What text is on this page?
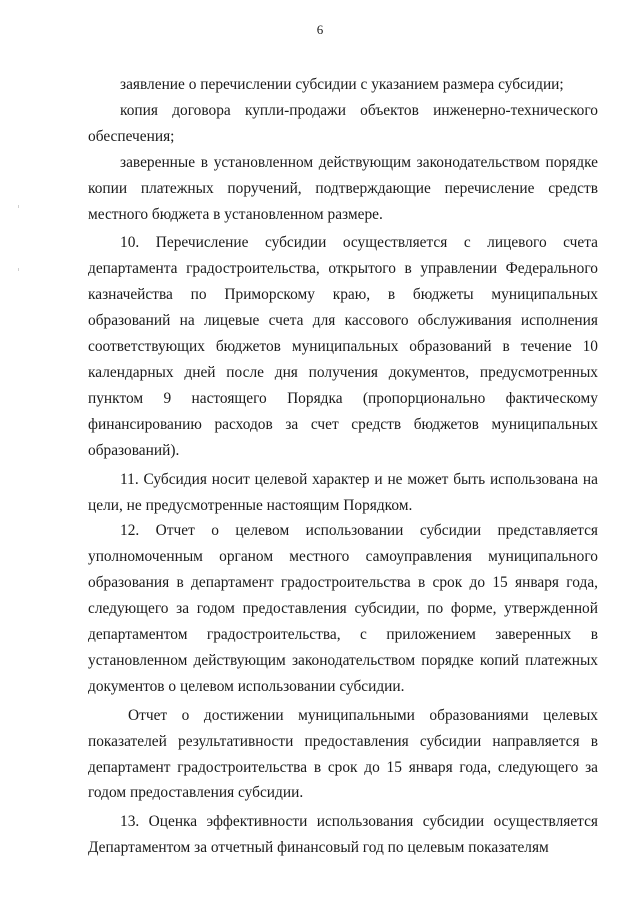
6

заявление о перечислении субсидии с указанием размера субсидии;

копия договора купли-продажи объектов инженерно-технического обеспечения;

заверенные в установленном действующим законодательством порядке копии платежных поручений, подтверждающие перечисление средств местного бюджета в установленном размере.

10. Перечисление субсидии осуществляется с лицевого счета департамента градостроительства, открытого в управлении Федерального казначейства по Приморскому краю, в бюджеты муниципальных образований на лицевые счета для кассового обслуживания исполнения соответствующих бюджетов муниципальных образований в течение 10 календарных дней после дня получения документов, предусмотренных пунктом 9 настоящего Порядка (пропорционально фактическому финансированию расходов за счет средств бюджетов муниципальных образований).

11. Субсидия носит целевой характер и не может быть использована на цели, не предусмотренные настоящим Порядком.

12. Отчет о целевом использовании субсидии представляется уполномоченным органом местного самоуправления муниципального образования в департамент градостроительства в срок до 15 января года, следующего за годом предоставления субсидии, по форме, утвержденной департаментом градостроительства, с приложением заверенных в установленном действующим законодательством порядке копий платежных документов о целевом использовании субсидии.

Отчет о достижении муниципальными образованиями целевых показателей результативности предоставления субсидии направляется в департамент градостроительства в срок до 15 января года, следующего за годом предоставления субсидии.

13. Оценка эффективности использования субсидии осуществляется Департаментом за отчетный финансовый год по целевым показателям
